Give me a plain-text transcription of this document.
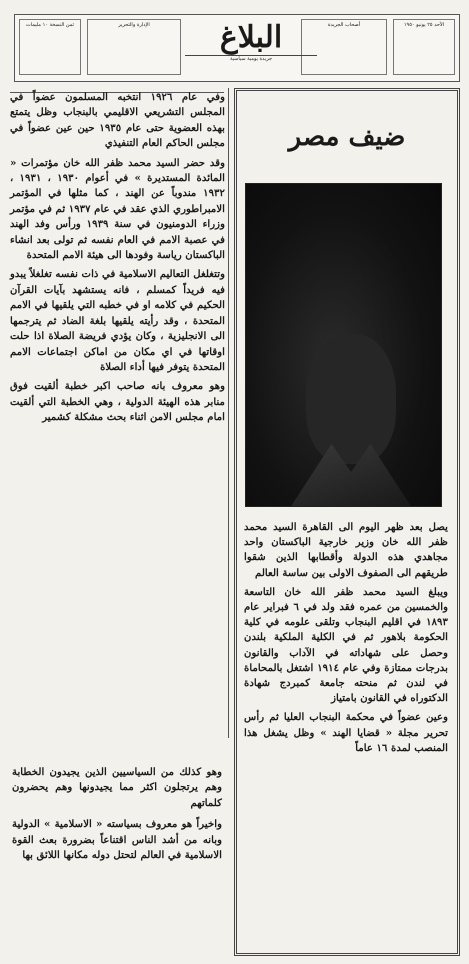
الأحد ٢٥ يونيو ١٩٥٠
أصحاب الجريدة
البلاغ
جريدة يومية سياسية
الإدارة والتحرير
ثمن النسخة ١٠ مليمات

وفي عام ١٩٢٦ انتخبه المسلمون عضواً في المجلس التشريعي الاقليمي بالبنجاب وظل يتمتع بهذه العضوية حتى عام ١٩٣٥ حين عين عضواً في مجلس الحاكم العام التنفيذي

وقد حضر السيد محمد ظفر الله خان مؤتمرات « المائدة المستديرة » في أعوام ١٩٣٠ ، ١٩٣١ ، ١٩٣٢ مندوباً عن الهند ، كما مثلها في المؤتمر الامبراطوري الذي عقد في عام ١٩٣٧ ثم في مؤتمر وزراء الدومنيون في سنة ١٩٣٩ ورأس وفد الهند في عصبة الامم في العام نفسه ثم تولى بعد انشاء الباكستان رياسة وفودها الى هيئة الامم المتحدة

وتتغلغل التعاليم الاسلامية في ذات نفسه تغلغلاً يبدو فيه فريداً كمسلم ، فانه يستشهد بآيات القرآن الحكيم في كلامه او في خطبه التي يلقيها في الامم المتحدة ، وقد رأيته يلقيها بلغة الضاد ثم يترجمها الى الانجليزية ، وكان يؤدي فريضة الصلاة اذا حلت اوقاتها في اي مكان من اماكن اجتماعات الامم المتحدة يتوفر فيها أداء الصلاة

وهو معروف بانه صاحب اكبر خطبة ألقيت فوق منابر هذه الهيئة الدولية ، وهي الخطبة التي ألقيت امام مجلس الامن اثناء بحث مشكلة كشمير

وهو كذلك من السياسيين الذين يجيدون الخطابة وهم يرتجلون اكثر مما يجيدونها وهم يحضرون كلماتهم

واخيراً هو معروف بسياسته « الاسلامية » الدولية وبانه من أشد الناس اقتناعاً بضرورة بعث القوة الاسلامية في العالم لتحتل دوله مكانها اللائق بها

ضيف مصر

يصل بعد ظهر اليوم الى القاهرة السيد محمد ظفر الله خان وزير خارجية الباكستان واحد مجاهدي هذه الدولة وأقطابها الذين شقوا طريقهم الى الصفوف الاولى بين ساسة العالم

ويبلغ السيد محمد ظفر الله خان التاسعة والخمسين من عمره فقد ولد في ٦ فبراير عام ١٨٩٣ في اقليم البنجاب وتلقى علومه في كلية الحكومة بلاهور ثم في الكلية الملكية بلندن وحصل على شهاداته في الآداب والقانون بدرجات ممتازة وفي عام ١٩١٤ اشتغل بالمحاماة في لندن ثم منحته جامعة كمبردج شهادة الدكتوراه في القانون بامتياز

وعين عضواً في محكمة البنجاب العليا ثم رأس تحرير مجلة « قضايا الهند » وظل يشغل هذا المنصب لمدة ١٦ عاماً
